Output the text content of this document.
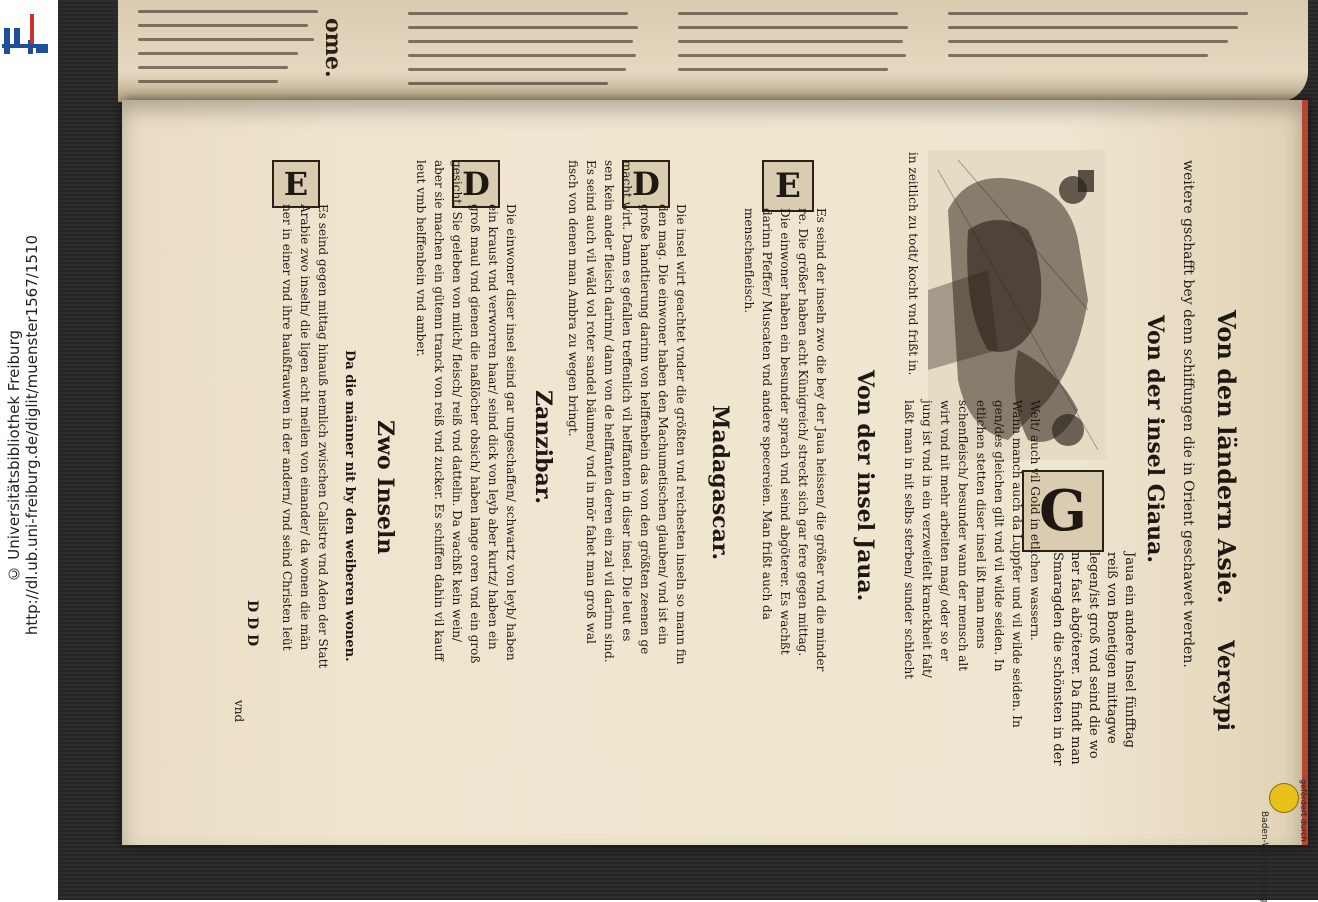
http://dl.ub.uni-freiburg.de/diglit/muenster1567/1510
© Universitätsbibliothek Freiburg
ome.
Von den ländern Asie.
Vereypi
weitere gschafft bey denn schiffungen die in Orient geschawet werden.
Von der insel Giaua.
G
Jaua ein andere Insel fünfftag
reiß von Bonetigen mittagwe
legen/ist groß vnd seind die wo
ner fast abgöterer. Da findt man
Smaragden die schönsten in der
Welt/ auch vil Gold in etlichen wassern.
Wann manch auch da Luppfer und vil wilde seiden. In
gen/des gleichen gilt vnd vil wilde seiden. In
etlichen stetten diser insel ißt man mens
schenfleisch/ besunder wann der mensch alt
wirt vnd nit mehr arbeiten mag/ oder so er
jung ist vnd in ein verzweifelt kranckheit falt/
laßt man in nit selbs sterben/ sunder schlecht
in zeitlich zu todt/ kocht vnd frißt in.
Von der insel Jaua.
E
Es seind der inseln zwo die bey der Jaua heissen/ die größer vnd die minder
re. Die größer haben acht Künigreich/ streckt sich gar fere gegen mittag.
Die einwoner haben ein besunder sprach vnd seind abgöterer. Es wachßt
darinn Pfeffer/ Muscaten vnd andere specereien. Man frißt auch da
menschenfleisch.
Madagascar.
D
Die insel wirt geachtet vnder die größten vnd reichesten inseln so mann fin
den mag. Die einwoner haben den Machumetischen glauben/ vnd ist ein
große handtierung darinn von helffenbein das von den größten zeenen ge
macht wirt. Dann es gefallen treffenlich vil helffanten in diser insel. Die leut es
sen kein ander fleisch darinn/ dann von de helffanten deren ein zal vil darinn sind.
Es seind auch vil wäld vol roter sandel bäumen/ vnd in mör fahet man groß wal
fisch von denen man Ambra zu wegen bringt.
Zanzibar.
D
Die einwoner diser insel seind gar ungeschaffen/ schwartz von leyb/ haben
ein kraust vnd verworren haar/ seind dick von leyb aber kurtz/ haben ein
groß maul vnd gienen die naßlöcher obsich/ haben lange oren vnd ein groß
gesicht. Sie geleben von milch/ fleisch/ reiß vnd dattelin. Da wachßt kein wein/
aber sie machen ein gütenn tranck von reiß vnd zucker. Es schiffen dahin vil kauff
leut vmb helffenbein vnd amber.
Zwo Inseln
Da die männer nit by den weiberen wonen.
E
Es seind gegen mittag hinauß nemlich zwischen Calistre vnd Aden der Statt
Arabie zwo inseln/ die ligen acht meilen von einander/ da wonen die män
ner in einer vnd ihre haußfrauwen in der andern/ vnd seind Christen leüt
D D D
vnd
gefördert durch
Baden-Württemberg
